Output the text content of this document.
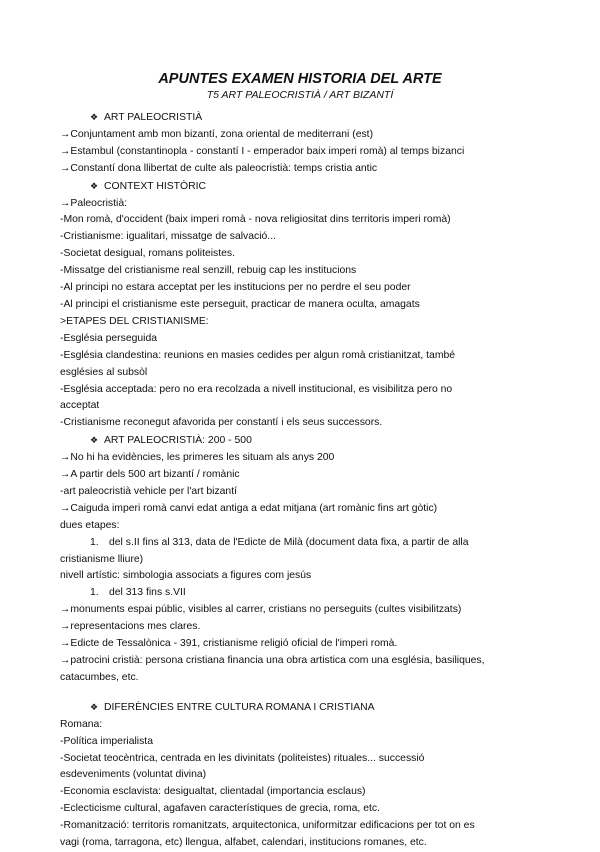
APUNTES EXAMEN HISTORIA DEL ARTE

T5 ART PALEOCRISTIÀ / ART BIZANTÍ

❖ ART PALEOCRISTIÀ
→Conjuntament amb mon bizantí, zona oriental de mediterrani (est)
→Estambul (constantinopla - constantí I - emperador baix imperi romà) al temps bizanci
→Constantí dona llibertat de culte als paleocristià: temps cristia antic
❖ CONTEXT HISTÒRIC
→Paleocristià:
-Mon romà, d'occident (baix imperi romà - nova religiositat dins territoris imperi romà)
-Cristianisme: igualitari, missatge de salvació...
-Societat desigual, romans politeistes.
-Missatge del cristianisme real senzill, rebuig cap les institucions
-Al principi no estara acceptat per les institucions per no perdre el seu poder
-Al principi el cristianisme este perseguit, practicar de manera oculta, amagats
>ETAPES DEL CRISTIANISME:
-Església perseguida
-Església clandestina: reunions en masies cedides per algun romà cristianitzat, també
esglésies al subsòl
-Església acceptada: pero no era recolzada a nivell institucional, es visibilitza pero no
acceptat
-Cristianisme reconegut afavorida per constantí i els seus successors.
❖ ART PALEOCRISTIÀ: 200 - 500
→No hi ha evidències, les primeres les situam als anys 200
→A partir dels 500 art bizantí / romànic
-art paleocristià vehicle per l'art bizantí
→Caiguda imperi romà canvi edat antiga a edat mitjana (art romànic fins art gòtic)
dues etapes:
1. del s.II fins al 313, data de l'Edicte de Milà (document data fixa, a partir de alla
cristianisme lliure)
nivell artístic: simbologia associats a figures com jesús
1. del 313 fins s.VII
→monuments espai públic, visibles al carrer, cristians no perseguits (cultes visibilitzats)
→representacions mes clares.
→Edicte de Tessalònica - 391, cristianisme religió oficial de l'imperi romà.
→patrocini cristià: persona cristiana financia una obra artistica com una església, basiliques,
catacumbes, etc.
❖ DIFERÈNCIES ENTRE CULTURA ROMANA I CRISTIANA
Romana:
-Política imperialista
-Societat teocèntrica, centrada en les divinitats (politeistes) rituales... successió
esdeveniments (voluntat divina)
-Economia esclavista: desigualtat, clientadal (importancia esclaus)
-Eclecticisme cultural, agafaven característiques de grecia, roma, etc.
-Romanització: territoris romanitzats, arquitectonica, uniformitzar edificacions per tot on es
vagi (roma, tarragona, etc) llengua, alfabet, calendari, institucions romanes, etc.
